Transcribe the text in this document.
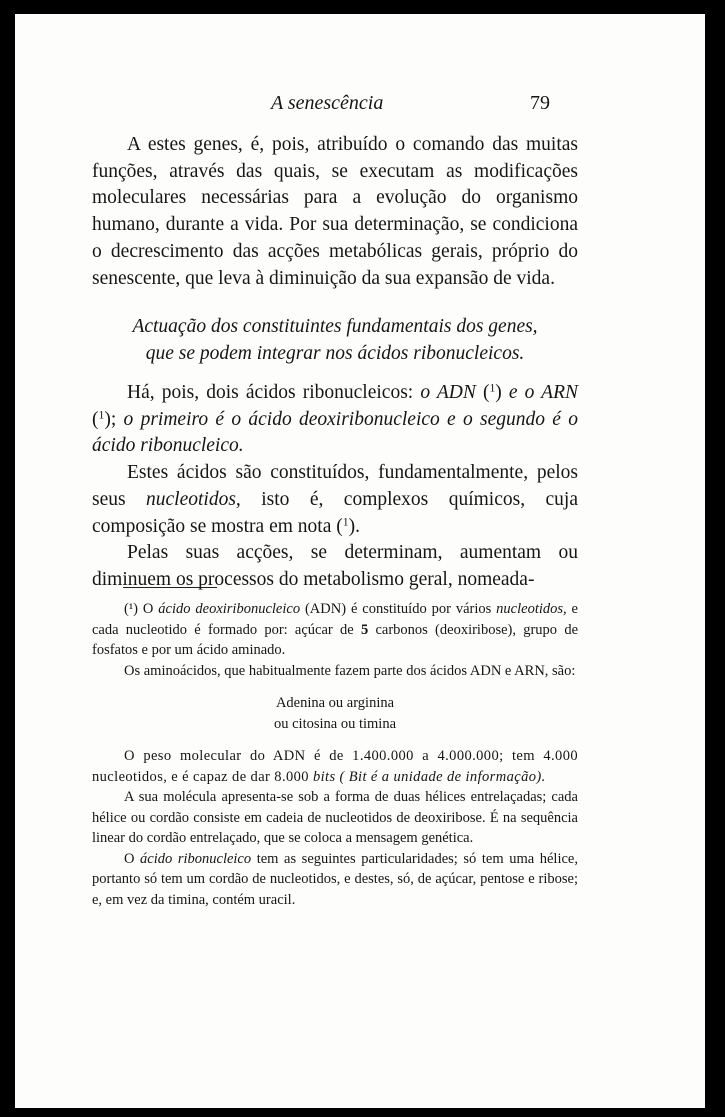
A senescência	79

A estes genes, é, pois, atribuído o comando das muitas funções, através das quais, se executam as modificações moleculares necessárias para a evolução do organismo humano, durante a vida. Por sua determinação, se condiciona o decrescimento das acções metabólicas gerais, próprio do senescente, que leva à diminuição da sua expansão de vida.

Actuação dos constituintes fundamentais dos genes,
que se podem integrar nos ácidos ribonucleicos.

Há, pois, dois ácidos ribonucleicos: o ADN ($^1$) e o ARN ($^1$); o primeiro é o ácido deoxiribonucleico e o segundo é o ácido ribonucleico.

Estes ácidos são constituídos, fundamentalmente, pelos seus nucleotidos, isto é, complexos químicos, cuja composição se mostra em nota ($^1$).

Pelas suas acções, se determinam, aumentam ou diminuem os processos do metabolismo geral, nomeada-

(¹) O ácido deoxiribonucleico (ADN) é constituído por vários nucleotidos, e cada nucleotido é formado por: açúcar de 5 carbonos (deoxiribose), grupo de fosfatos e por um ácido aminado.

Os aminoácidos, que habitualmente fazem parte dos ácidos ADN e ARN, são:

Adenina ou arginina
ou citosina ou timina

O peso molecular do ADN é de 1.400.000 a 4.000.000; tem 4.000 nucleotidos, e é capaz de dar 8.000 bits ( Bit é a unidade de informação).

A sua molécula apresenta-se sob a forma de duas hélices entrelaçadas; cada hélice ou cordão consiste em cadeia de nucleotidos de deoxiribose. É na sequência linear do cordão entrelaçado, que se coloca a mensagem genética.

O ácido ribonucleico tem as seguintes particularidades; só tem uma hélice, portanto só tem um cordão de nucleotidos, e destes, só, de açúcar, pentose e ribose; e, em vez da timina, contém uracil.
